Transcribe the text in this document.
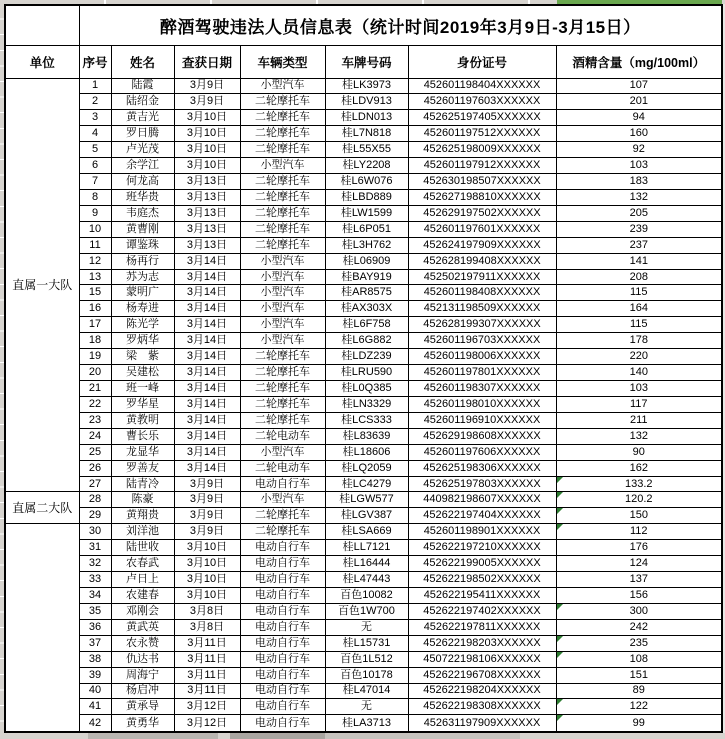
	醉酒驾驶违法人员信息表（统计时间2019年3月9日-3月15日）						
单位	序号	姓名	查获日期	车辆类型	车牌号码	身份证号	酒精含量（mg/100ml）
直属一大队	1	陆霞	3月9日	小型汽车	桂LK3973	452601198404XXXXXX	107
	2	陆绍金	3月9日	二轮摩托车	桂LDV913	452601197603XXXXXX	201
	3	黄吉光	3月10日	二轮摩托车	桂LDN013	452625197405XXXXXX	94
	4	罗日腾	3月10日	二轮摩托车	桂L7N818	452601197512XXXXXX	160
	5	卢光茂	3月10日	二轮摩托车	桂L55X55	452625198009XXXXXX	92
	6	余学江	3月10日	小型汽车	桂LY2208	452601197912XXXXXX	103
	7	何龙高	3月13日	二轮摩托车	桂L6W076	452630198507XXXXXX	183
	8	班华贵	3月13日	二轮摩托车	桂LBD889	452627198810XXXXXX	132
	9	韦庭杰	3月13日	二轮摩托车	桂LW1599	452629197502XXXXXX	205
	10	黄曹刚	3月13日	二轮摩托车	桂L6P051	452601197601XXXXXX	239
	11	谭鉴珠	3月13日	二轮摩托车	桂L3H762	452624197909XXXXXX	237
	12	杨再行	3月14日	小型汽车	桂L06909	452628199408XXXXXX	141
	13	苏为志	3月14日	小型汽车	桂BAY919	452502197911XXXXXX	208
	15	蒙明广	3月14日	小型汽车	桂AR8575	452601198408XXXXXX	115
	16	杨寿进	3月14日	小型汽车	桂AX303X	452131198509XXXXXX	164
	17	陈光学	3月14日	小型汽车	桂L6F758	452628199307XXXXXX	115
	18	罗炳华	3月14日	小型汽车	桂L6G882	452601196703XXXXXX	178
	19	梁　紫	3月14日	二轮摩托车	桂LDZ239	452601198006XXXXXX	220
	20	吴建松	3月14日	二轮摩托车	桂LRU590	452601197801XXXXXX	140
	21	班一峰	3月14日	二轮摩托车	桂L0Q385	452601198307XXXXXX	103
	22	罗华星	3月14日	二轮摩托车	桂LN3329	452601198010XXXXXX	117
	23	黄教明	3月14日	二轮摩托车	桂LCS333	452601196910XXXXXX	211
	24	曹长乐	3月14日	二轮电动车	桂L83639	452629198608XXXXXX	132
	25	龙显华	3月14日	小型汽车	桂L18606	452601197606XXXXXX	90
	26	罗善友	3月14日	二轮电动车	桂LQ2059	452625198306XXXXXX	162
	27	陆青冷	3月9日	电动自行车	桂LC4279	452625197803XXXXXX	133.2

直属二大队	28	陈豪	3月9日	小型汽车	桂LGW577	440982198607XXXXXX	120.2

	29	黄翔贵	3月9日	二轮摩托车	桂LGV387	452622197404XXXXXX	150

	30	刘洋池	3月9日	二轮摩托车	桂LSA669	452601198901XXXXXX	112

	31	陆世收	3月10日	电动自行车	桂LL7121	452622197210XXXXXX	176
	32	农春武	3月10日	电动自行车	桂L16444	452622199005XXXXXX	124
	33	卢日上	3月10日	电动自行车	桂L47443	452622198502XXXXXX	137
	34	农建春	3月10日	电动自行车	百色10082	452622195411XXXXXX	156
	35	邓刚会	3月8日	电动自行车	百色1W700	452622197402XXXXXX	300

	36	黄武英	3月8日	电动自行车	无	452622197811XXXXXX	242
	37	农永赞	3月11日	电动自行车	桂L15731	452622198203XXXXXX	235

	38	仇达书	3月11日	电动自行车	百色1L512	450722198106XXXXXX	108

	39	周海宁	3月11日	电动自行车	百色10178	452622196708XXXXXX	151
	40	杨启冲	3月11日	电动自行车	桂L47014	452622198204XXXXXX	89
	41	黄承导	3月12日	电动自行车	无	452622198308XXXXXX	122

	42	黄勇华	3月12日	电动自行车	桂LA3713	452631197909XXXXXX	99
